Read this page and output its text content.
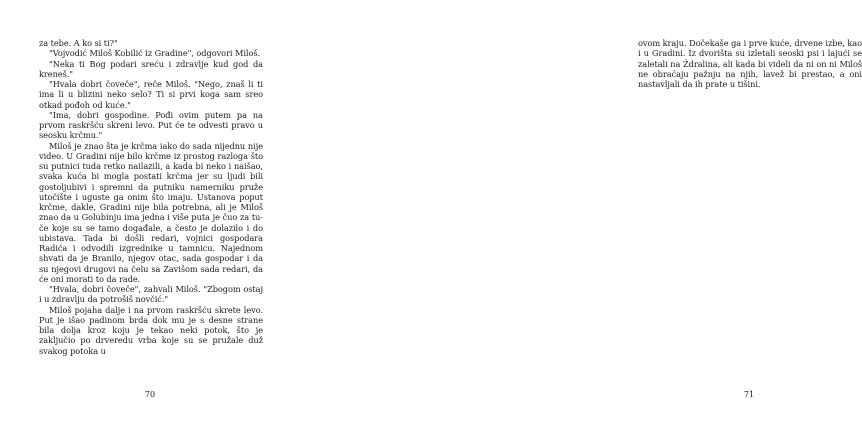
za tebe. A ko si ti?"

"Vojvodić Miloš Kobilić iz Gradine", odgovori Miloš.

"Neka ti Bog podari sreću i zdravlje kud god da kreneš."

"Hvala dobri čoveče", reče Miloš. "Nego, znaš li ti ima li u blizini neko selo? Ti si prvi koga sam sreo otkad pođoh od kuće."

"Ima, dobri gospodine. Pođi ovim putem pa na prvom raskršću skreni levo. Put će te odvesti pravo u seosku krčmu."

Miloš je znao šta je krčma iako do sada nijednu nije video. U Gradini nije bilo krčme iz prostog razloga što su putnici tuda retko nailazili, a kada bi neko i naišao, svaka kuća bi mogla postati krčma jer su ljudi bili gostoljubivi i spremni da putniku namerniku pruže utočište i uguste ga onim što imaju. Ustanova poput krčme, dakle, Gradini nije bila potrebna, ali je Miloš znao da u Golubinju ima jedna i više puta je čuo za tu-če koje su se tamo događale, a često je dolazilo i do ubistava. Tada bi došli redari, vojnici gospodara Radića i odvodili izgrednike u tamnicu. Najednom shvati da je Branilo, njegov otac, sada gospodar i da su njegovi drugovi na čelu sa Zavišom sada redari, da će oni morati to da rade.

"Hvala, dobri čoveče", zahvali Miloš. "Zbogom ostaj i u zdravlju da potrošiš novčić."

Miloš pojaha dalje i na prvom raskršću skrete levo. Put je išao padinom brda dok mu je s desne strane bila dolja kroz koju je tekao neki potok, što je zaključio po drveredu vrba koje su se pružale duž svakog potoka u

70

ovom kraju. Dočekaše ga i prve kuće, drvene izbe, kao i u Gradini. Iz dvorišta su izletali seoski psi i lajući se zaletali na Ždralina, ali kada bi videli da ni on ni Miloš ne obraćaju pažnju na njih, lavež bi prestao, a oni nastavljali da ih prate u tišini.

71
